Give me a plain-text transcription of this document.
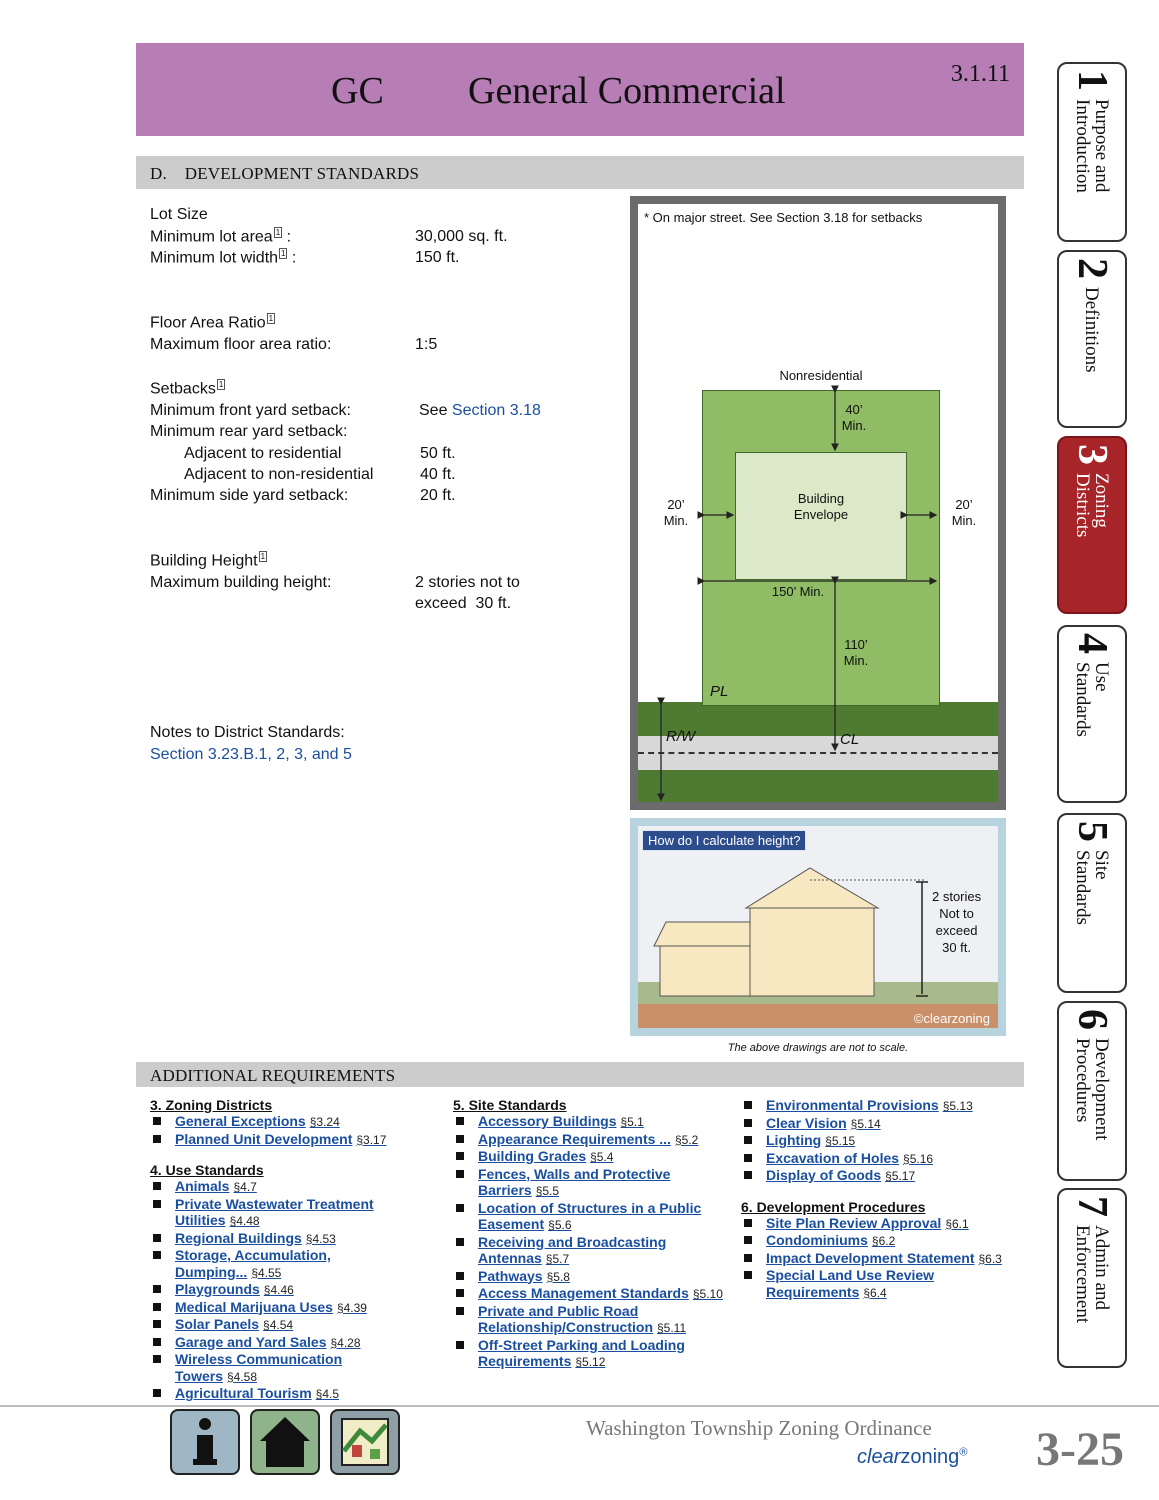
GC General Commercial	3.1.11
D.    DEVELOPMENT STANDARDS
Lot Size
Minimum lot area $^1$ :	30,000 sq. ft.
Minimum lot width $^1$ :	150 ft.
Floor Area Ratio $^1$
Maximum floor area ratio:	1:5
Setbacks $^1$
Minimum front yard setback:	See Section 3.18
Minimum rear yard setback:
Adjacent to residential	50 ft.
Adjacent to non-residential	40 ft.
Minimum side yard setback:	20 ft.
Building Height $^1$
Maximum building height:	2 stories not to
exceed  30 ft.
Notes to District Standards:
Section 3.23.B.1, 2, 3, and 5
* On major street. See Section 3.18 for setbacks
Nonresidential
40’
Min.
Building
Envelope
20’
Min.
20’
Min.
150’ Min.
110’
Min.
PL
R/W	CL
How do I calculate height?
2 stories
Not to
exceed
30 ft.
©clearzoning
The above drawings are not to scale.
ADDITIONAL REQUIREMENTS
3. Zoning Districts
General Exceptions §3.24
Planned Unit Development §3.17
4. Use Standards
Animals §4.7
Private Wastewater Treatment Utilities §4.48
Regional Buildings §4.53
Storage, Accumulation, Dumping... §4.55
Playgrounds §4.46
Medical Marijuana Uses §4.39
Solar Panels §4.54
Garage and Yard Sales §4.28
Wireless Communication Towers §4.58
Agricultural Tourism §4.5
5. Site Standards
Accessory Buildings §5.1
Appearance Requirements ... §5.2
Building Grades §5.4
Fences, Walls and Protective Barriers §5.5
Location of Structures in a Public Easement §5.6
Receiving and Broadcasting Antennas §5.7
Pathways §5.8
Access Management Standards §5.10
Private and Public Road Relationship/Construction §5.11
Off-Street Parking and Loading Requirements §5.12
Environmental Provisions §5.13
Clear Vision §5.14
Lighting §5.15
Excavation of Holes §5.16
Display of Goods §5.17
6. Development Procedures
Site Plan Review Approval §6.1
Condominiums §6.2
Impact Development Statement §6.3
Special Land Use Review Requirements §6.4
1
Purpose and
Introduction
2
Definitions
3
Zoning
Districts
4
Use
Standards
5
Site
Standards
6
Development
Procedures
7
Admin and
Enforcement
Washington Township Zoning Ordinance
clearzoning® 3-25
